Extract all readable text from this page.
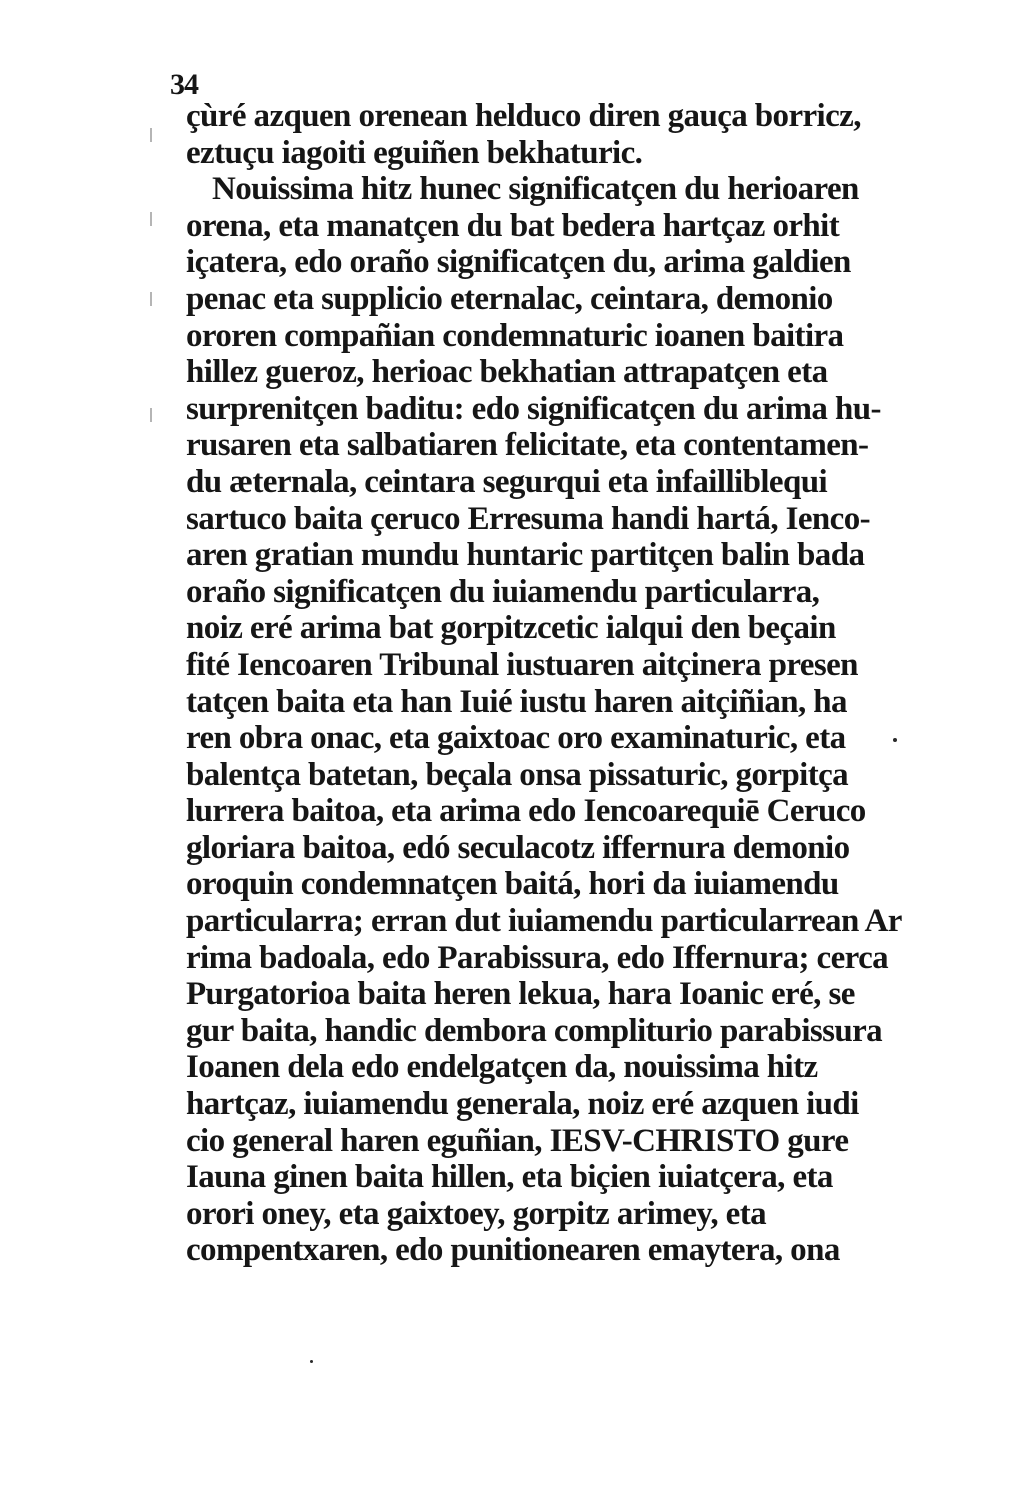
34
çùré azquen orenean helduco diren gauça borricz,
eztuçu iagoiti eguiñen bekhaturic.
Nouissima hitz hunec significatçen du herioaren
orena, eta manatçen du bat bedera hartçaz orhit
içatera, edo oraño significatçen du, arima galdien
penac eta supplicio eternalac, ceintara, demonio
ororen compañian condemnaturic ioanen baitira
hillez gueroz, herioac bekhatian attrapatçen eta
surprenitçen baditu: edo significatçen du arima hu-
rusaren eta salbatiaren felicitate, eta contentamen-
du æternala, ceintara segurqui eta infailliblequi
sartuco baita çeruco Erresuma handi hartá, Ienco-
aren gratian mundu huntaric partitçen balin bada
oraño significatçen du iuiamendu particularra,
noiz eré arima bat gorpitzcetic ialqui den beçain
fité Iencoaren Tribunal iustuaren aitçinera presen
tatçen baita eta han Iuié iustu haren aitçiñian, ha
ren obra onac, eta gaixtoac oro examinaturic, eta
balentça batetan, beçala onsa pissaturic, gorpitça
lurrera baitoa, eta arima edo Iencoarequiē Ceruco
gloriara baitoa, edó seculacotz iffernura demonio
oroquin condemnatçen baitá, hori da iuiamendu
particularra; erran dut iuiamendu particularrean Ar
rima badoala, edo Parabissura, edo Iffernura; cerca
Purgatorioa baita heren lekua, hara Ioanic eré, se
gur baita, handic dembora compliturio parabissura
Ioanen dela edo endelgatçen da, nouissima hitz
hartçaz, iuiamendu generala, noiz eré azquen iudi
cio general haren eguñian, IESV-CHRISTO gure
Iauna ginen baita hillen, eta biçien iuiatçera, eta
orori oney, eta gaixtoey, gorpitz arimey, eta
compentxaren, edo punitionearen emaytera, ona
